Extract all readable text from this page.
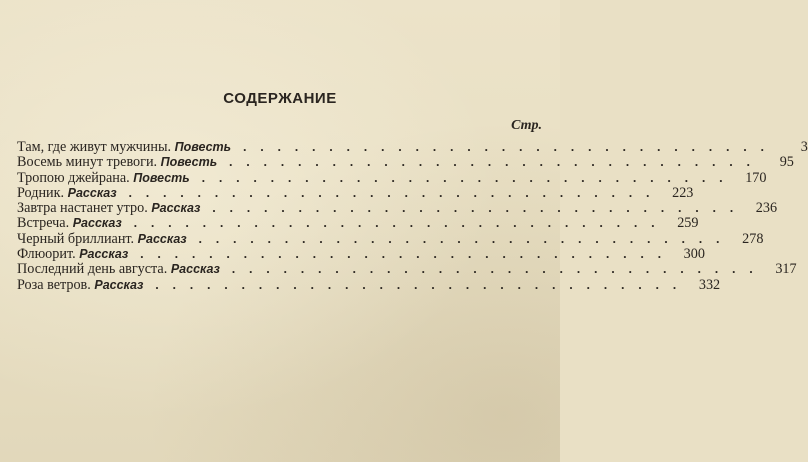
СОДЕРЖАНИЕ
Стр.
Там, где живут мужчины. Повесть ...............................	3
Восемь минут тревоги. Повесть ...............................	95
Тропою джейрана. Повесть ............................... 170
Родник. Рассказ ............................... 223
Завтра настанет утро. Рассказ ............................... 236
Встреча. Рассказ ............................... 259
Черный бриллиант. Рассказ ............................... 278
Флюорит. Рассказ ............................... 300
Последний день августа. Рассказ ............................... 317
Роза ветров. Рассказ ............................... 332
